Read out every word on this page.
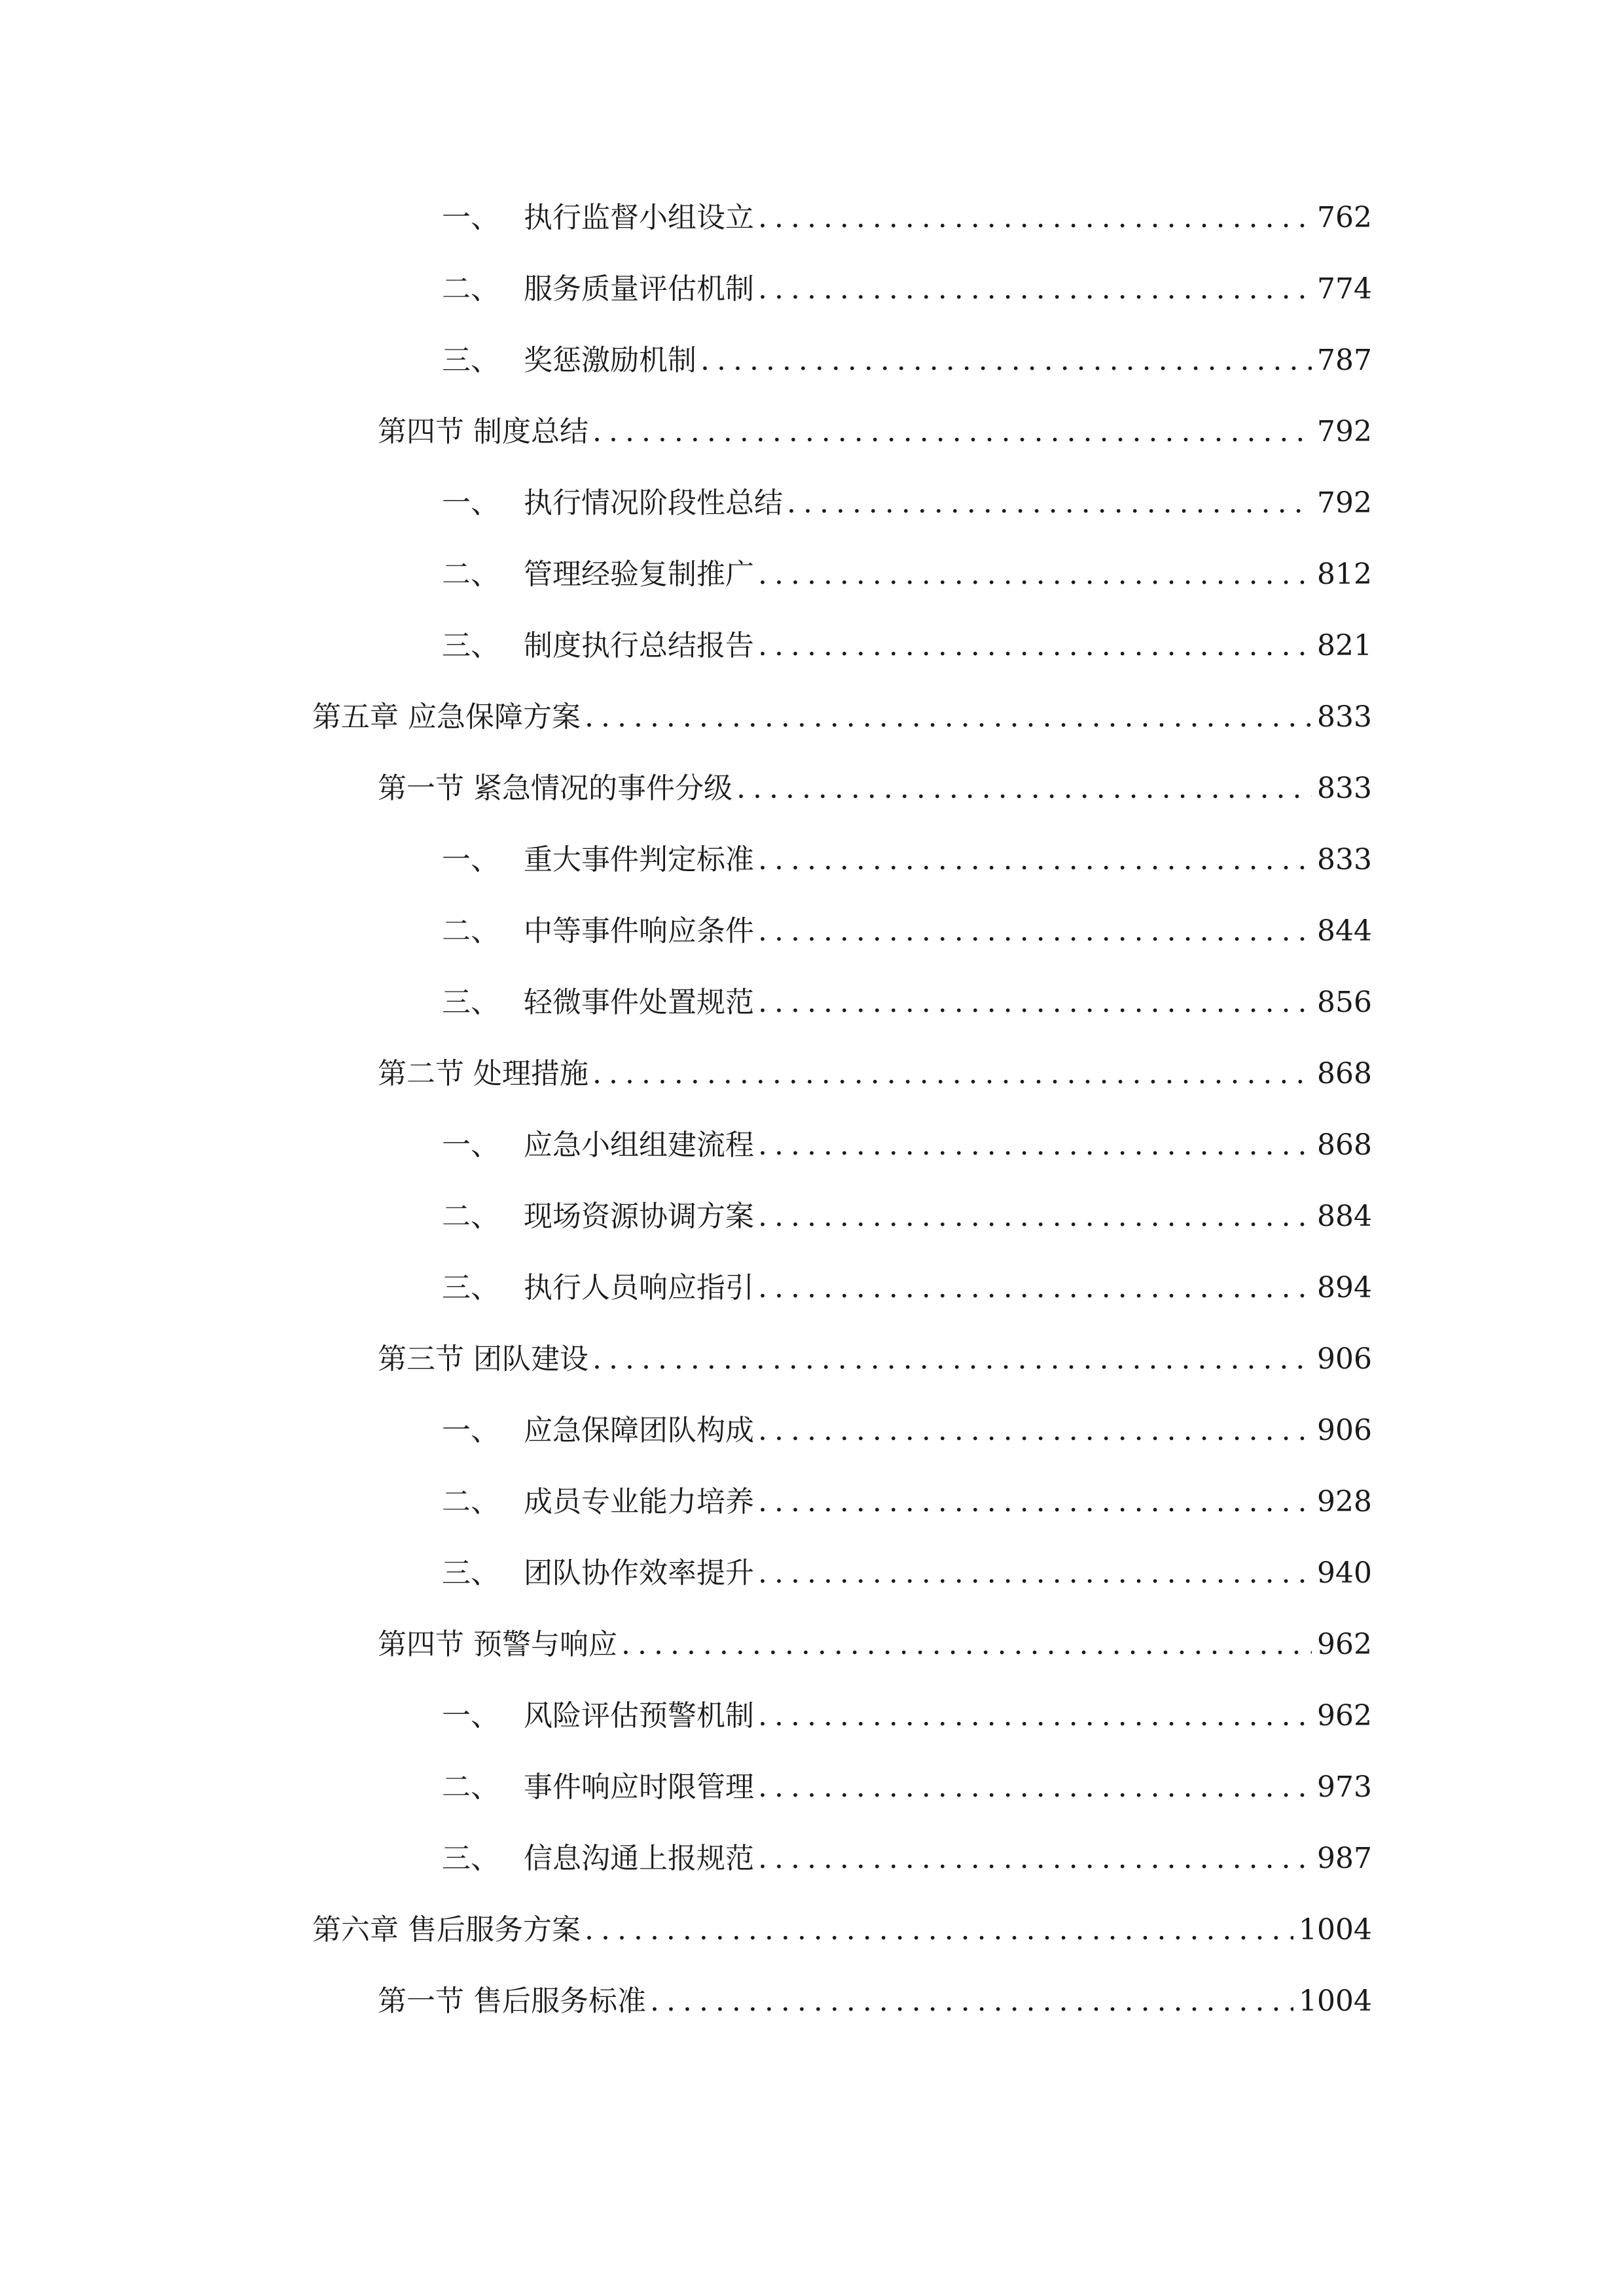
一、 执行监督小组设立 .....	762
二、 服务质量评估机制 .....	774
三、 奖惩激励机制 .....	787
第四节 制度总结 .....	792
一、 执行情况阶段性总结 .....	792
二、 管理经验复制推广 .....	812
三、 制度执行总结报告 .....	821
第五章 应急保障方案 .....	833
第一节 紧急情况的事件分级 .....	833
一、 重大事件判定标准 .....	833
二、 中等事件响应条件 .....	844
三、 轻微事件处置规范 .....	856
第二节 处理措施 .....	868
一、 应急小组组建流程 .....	868
二、 现场资源协调方案 .....	884
三、 执行人员响应指引 .....	894
第三节 团队建设 .....	906
一、 应急保障团队构成 .....	906
二、 成员专业能力培养 .....	928
三、 团队协作效率提升 .....	940
第四节 预警与响应 .....	962
一、 风险评估预警机制 .....	962
二、 事件响应时限管理 .....	973
三、 信息沟通上报规范 .....	987
第六章 售后服务方案 .....	1004
第一节 售后服务标准 .....	1004
